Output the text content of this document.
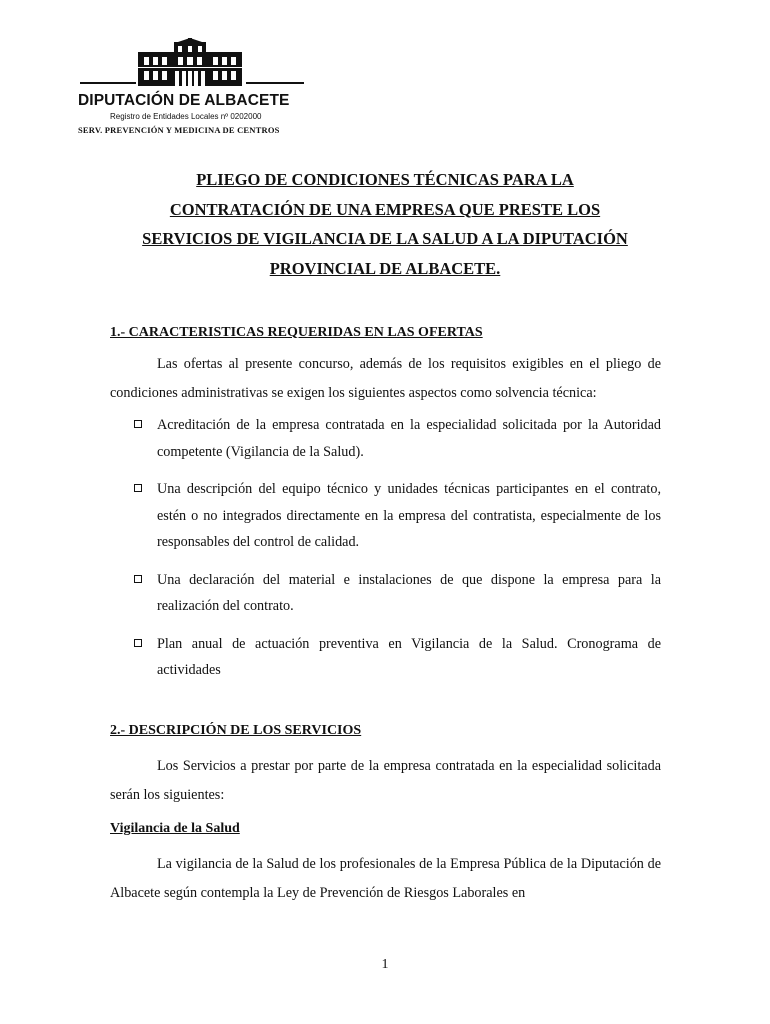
DIPUTACIÓN DE ALBACETE
Registro de Entidades Locales nº 0202000
SERV. PREVENCIÓN Y MEDICINA DE CENTROS
PLIEGO DE CONDICIONES TÉCNICAS PARA LA
CONTRATACIÓN DE UNA EMPRESA QUE PRESTE LOS
SERVICIOS DE VIGILANCIA DE LA SALUD A LA DIPUTACIÓN
PROVINCIAL DE ALBACETE.
1.- CARACTERISTICAS REQUERIDAS EN LAS OFERTAS

Las ofertas al presente concurso, además de los requisitos exigibles en el pliego de condiciones administrativas se exigen los siguientes aspectos como solvencia técnica:

Acreditación de la empresa contratada en la especialidad solicitada por la Autoridad competente (Vigilancia de la Salud).
Una descripción del equipo técnico y unidades técnicas participantes en el contrato, estén o no integrados directamente en la empresa del contratista, especialmente de los responsables del control de calidad.
Una declaración del material e instalaciones de que dispone la empresa para la realización del contrato.
Plan anual de actuación preventiva en Vigilancia de la Salud. Cronograma de actividades
2.- DESCRIPCIÓN DE LOS SERVICIOS

Los Servicios a prestar por parte de la empresa contratada en la especialidad solicitada serán los siguientes:

Vigilancia de la Salud

La vigilancia de la Salud de los profesionales de la Empresa Pública de la Diputación de Albacete según contempla la Ley de Prevención de Riesgos Laborales en

1
